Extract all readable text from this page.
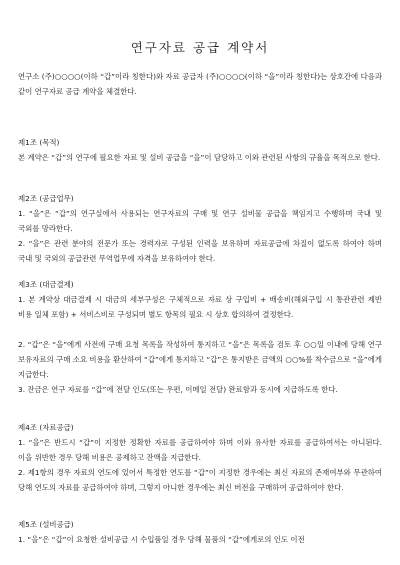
연구자료 공급 계약서

연구소 (주)○○○○(이하 “갑”이라 칭한다)와 자료 공급자 (주)○○○○(이하 “을”이라 칭한다)는 상호간에 다음과 같이 연구자료 공급 계약을 체결한다.

제1조 (목적)

본 계약은 “갑”의 연구에 필요한 자료 및 설비 공급을 “을”이 담당하고 이와 관련된 사항의 규율을 목적으로 한다.

제2조 (공급업무)

1. “을”은 “갑”의 연구실에서 사용되는 연구자료의 구매 및 연구 설비물 공급을 책임지고 수행하며 국내 및 국외를 망라한다.

2. “을”은 관련 분야의 전문가 또는 경력자로 구성된 인력을 보유하며 자료공급에 차질이 없도록 하여야 하며 국내 및 국외의 공급관련 무역업무에 자격을 보유하여야 한다.

제3조 (대금결제)

1. 본 계약상 대금결제 시 대금의 세부구성은 구체적으로 자료 상 구입비 + 배송비(해외구입 시 통관관련 제반 비용 일체 포함) + 서비스비로 구성되며 별도 항목의 필요 시 상호 합의하여 결정한다.

2. “갑”은 “을”에게 사전에 구매 요청 목록을 작성하여 통지하고 “을”은 목록을 검토 후 ○○일 이내에 당해 연구 보유자료의 구매 소요 비용을 환산하여 “갑”에게 통지하고 “갑”은 통지받은 금액의 ○○%를 착수금으로 “을”에게 지급한다.

3. 잔금은 연구 자료를 “갑”에 전달 인도(또는 우편, 이메일 전달) 완료함과 동시에 지급하도록 한다.

제4조 (자료공급)

1. “을”은 반드시 “갑”이 지정한 정확한 자료를 공급하여야 하며 이와 유사한 자료를 공급하여서는 아니된다. 이을 위반한 경우 당해 비용은 공제하고 잔액을 지급한다.

2. 제1항의 경우 자료의 연도에 있어서 특정한 연도를 “갑”이 지정한 경우에는 최신 자료의 존재여부와 무관하여 당해 연도의 자료를 공급하여야 하며, 그렇지 아니한 경우에는 최신 버전을 구매하여 공급하여야 한다.

제5조 (설비공급)

1. “을”은 “갑”이 요청한 설비공급 시 수입품일 경우 당해 물품의 “갑”에게로의 인도 이전
